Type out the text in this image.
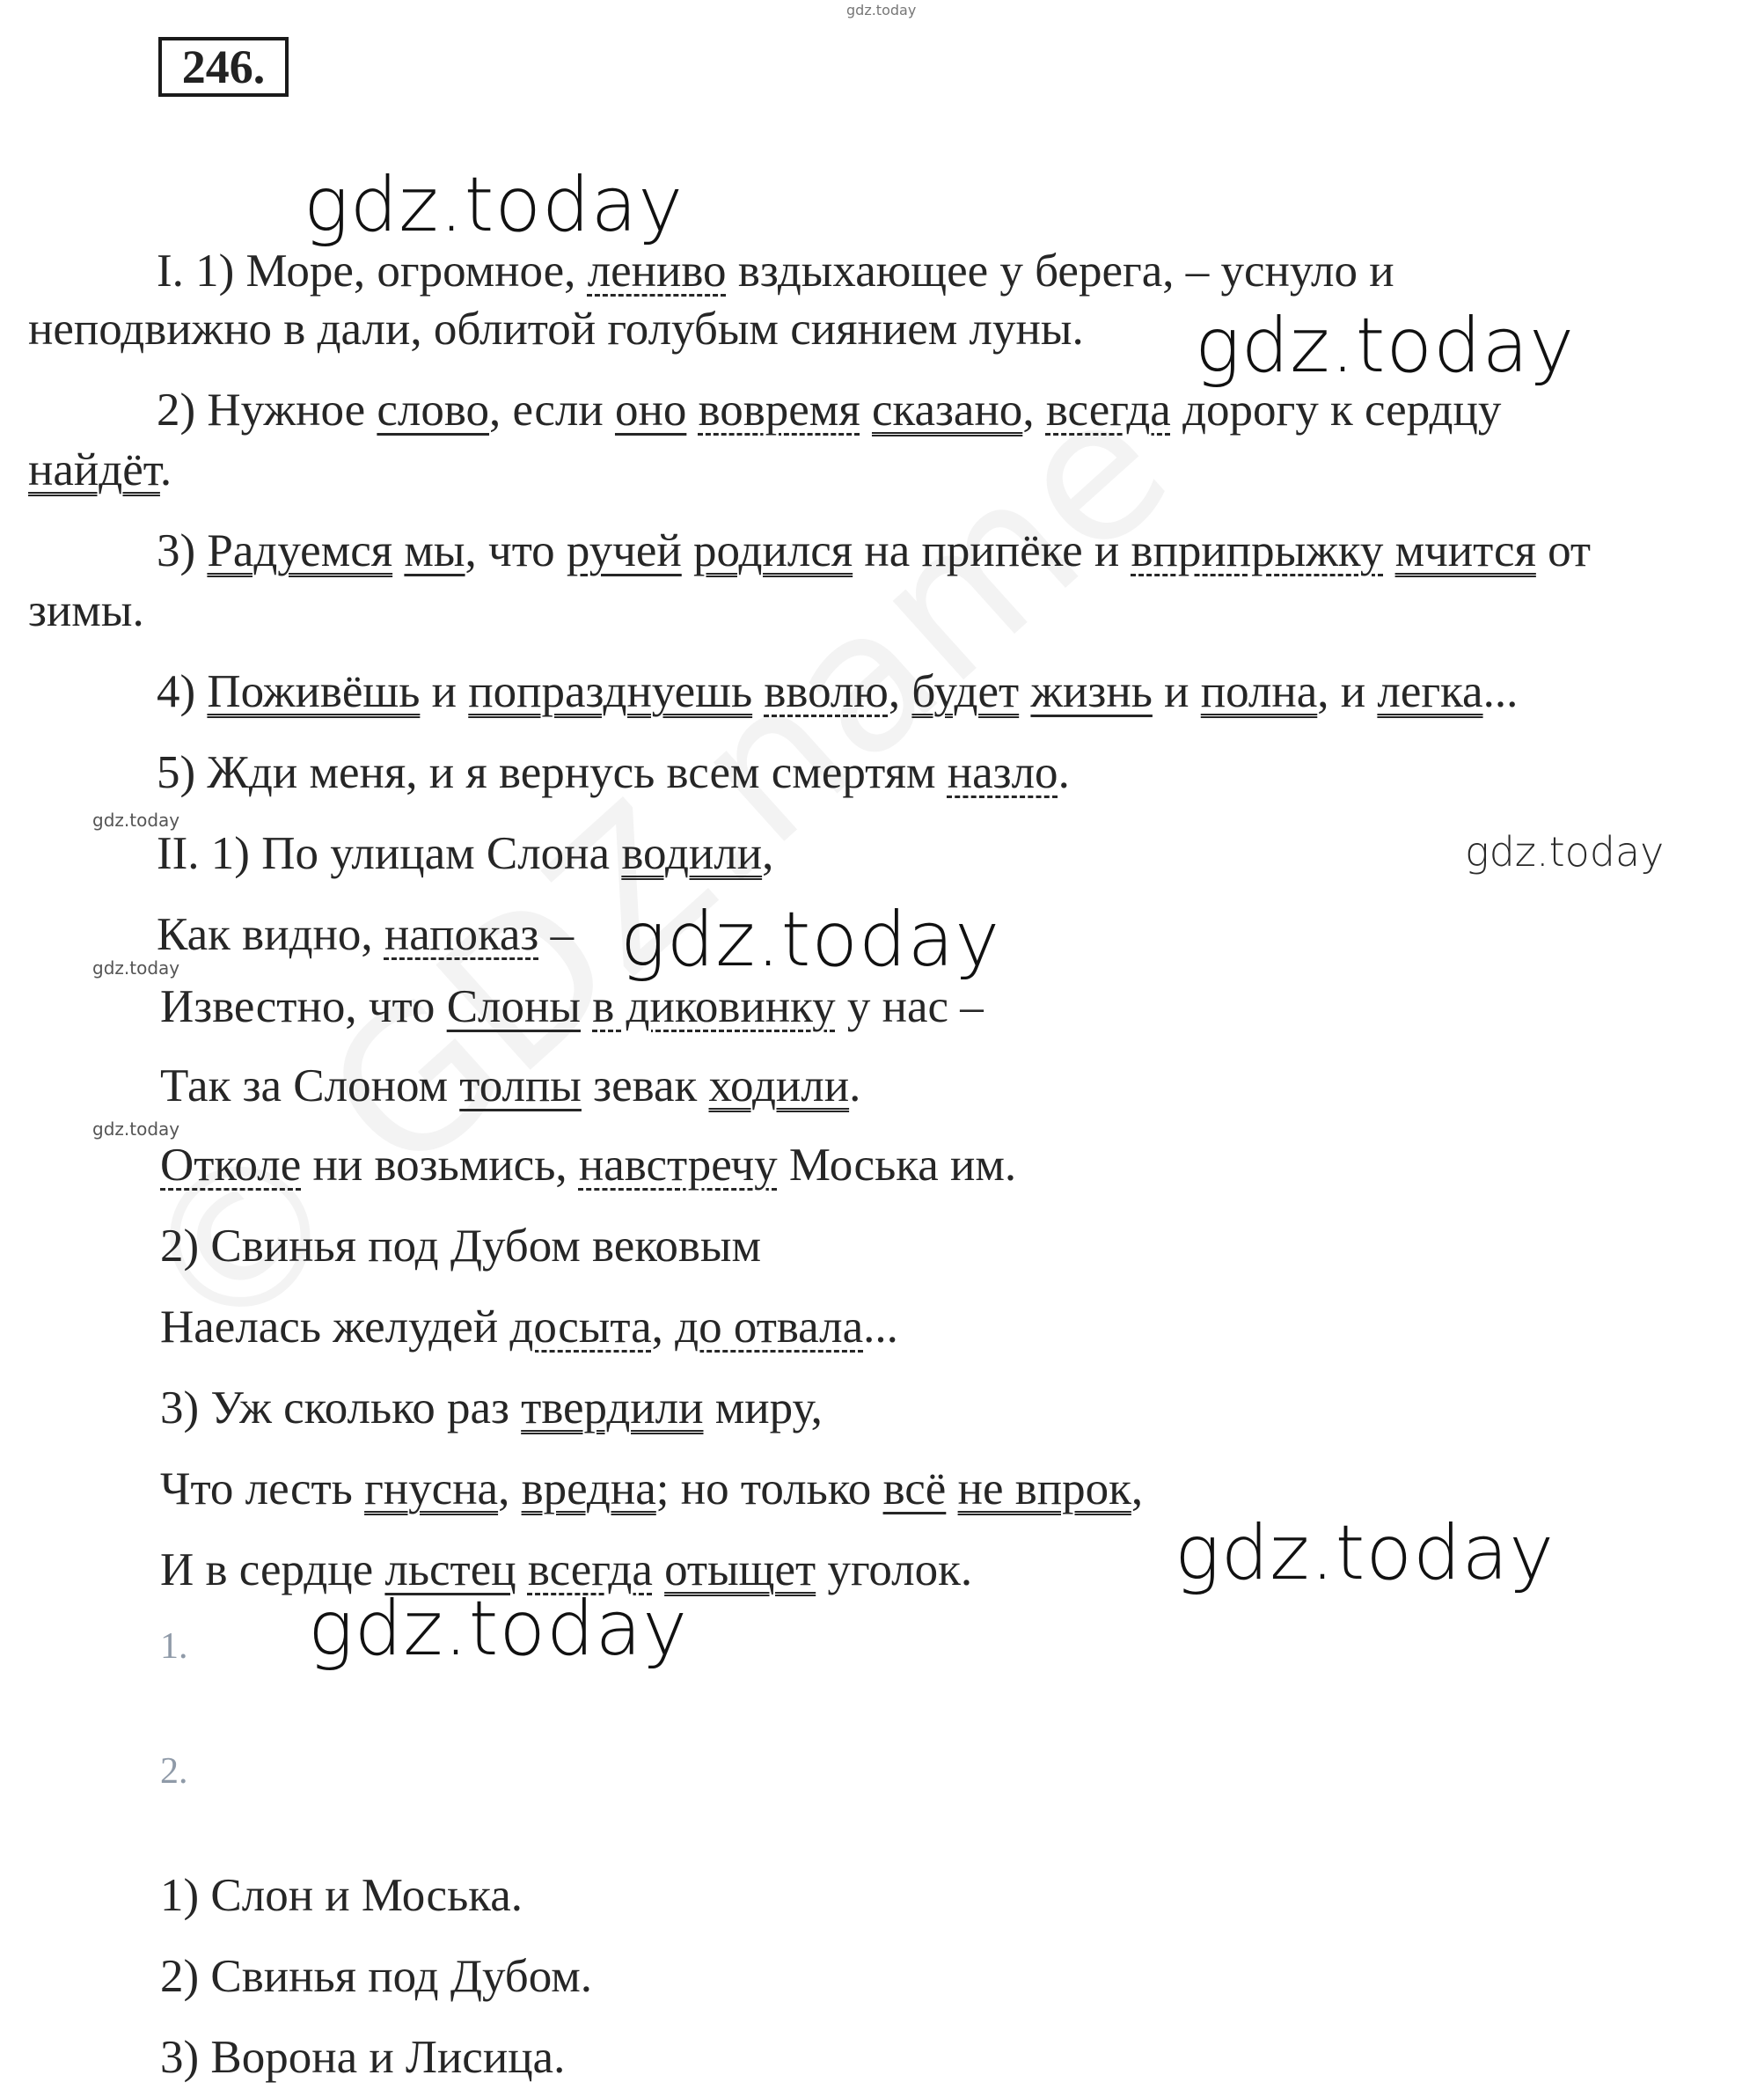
gdz.today
246.
gdz.today
gdz.today
gdz.today
gdz.today
gdz.today
gdz.today
gdz.today
gdz.today
gdz.today
I. 1) Море, огромное, лениво вздыхающее у берега, – уснуло и
неподвижно в дали, облитой голубым сиянием луны.
2) Нужное слово, если оно вовремя сказано, всегда дорогу к сердцу
найдёт.
3) Радуемся мы, что ручей родился на припёке и вприпрыжку мчится от
зимы.
4) Поживёшь и попразднуешь вволю, будет жизнь и полна, и легка...
5) Жди меня, и я вернусь всем смертям назло.
II. 1) По улицам Слона водили,
Как видно, напоказ –
Известно, что Слоны в диковинку у нас –
Так за Слоном толпы зевак ходили.
Отколе ни возьмись, навстречу Моська им.
2) Свинья под Дубом вековым
Наелась желудей досыта, до отвала...
3) Уж сколько раз твердили миру,
Что лесть гнусна, вредна; но только всё не впрок,
И в сердце льстец всегда отыщет уголок.
1.
2.
1) Слон и Моська.
2) Свинья под Дубом.
3) Ворона и Лисица.
